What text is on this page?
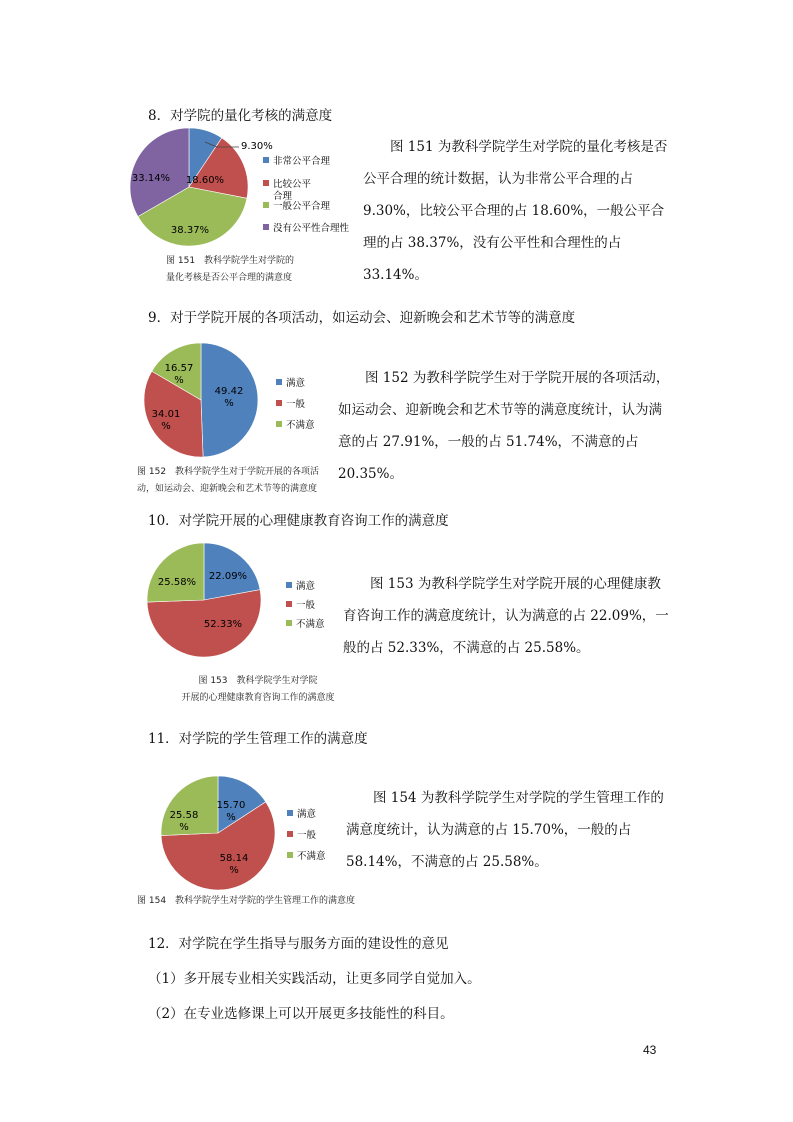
8．对学院的量化考核的满意度
非常公平合理
比较公平
合理
一般公平合理
没有公平性合理性
9.30%
18.60%
38.37%
33.14%
图 151　教科学院学生对学院的
量化考核是否公平合理的满意度
图 151 为教科学院学生对学院的量化考核是否公平合理的统计数据，认为非常公平合理的占 9.30%，比较公平合理的占 18.60%，一般公平合理的占 38.37%，没有公平性和合理性的占 33.14%。
9．对于学院开展的各项活动，如运动会、迎新晚会和艺术节等的满意度
满意
一般
不满意
49.42
%
34.01
%
16.57
%
图 152　教科学院学生对于学院开展的各项活
动，如运动会、迎新晚会和艺术节等的满意度
图 152 为教科学院学生对于学院开展的各项活动，如运动会、迎新晚会和艺术节等的满意度统计，认为满意的占 27.91%，一般的占 51.74%，不满意的占 20.35%。
10．对学院开展的心理健康教育咨询工作的满意度
满意
一般
不满意
22.09%
52.33%
25.58%
图 153　教科学院学生对学院
开展的心理健康教育咨询工作的满意度
图 153 为教科学院学生对学院开展的心理健康教育咨询工作的满意度统计，认为满意的占 22.09%，一般的占 52.33%，不满意的占 25.58%。
11．对学院的学生管理工作的满意度
满意
一般
不满意
15.70
%
58.14
%
25.58
%
图 154　教科学院学生对学院的学生管理工作的满意度
图 154 为教科学院学生对学院的学生管理工作的满意度统计，认为满意的占 15.70%，一般的占 58.14%，不满意的占 25.58%。
12．对学院在学生指导与服务方面的建设性的意见
（1）多开展专业相关实践活动，让更多同学自觉加入。
（2）在专业选修课上可以开展更多技能性的科目。
43
